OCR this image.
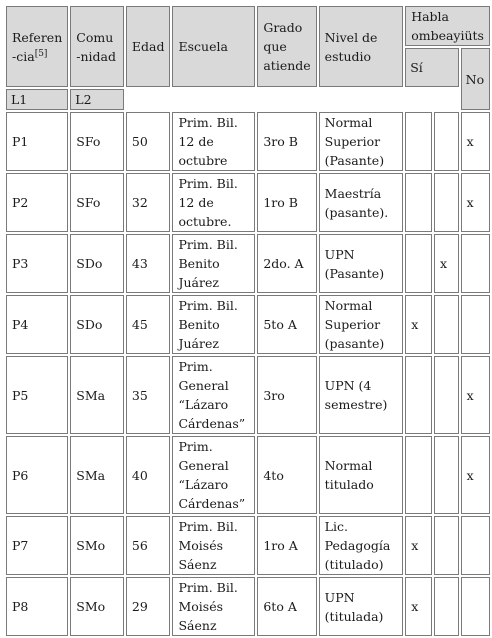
Referen
-cia[5]	Comu
-nidad	Edad	Escuela	Grado
que
atiende	Nivel de
estudio	Habla
ombeayiüts		
						Sí		No
L1	L2							
P1	SFo	50	Prim. Bil.
12 de
octubre	3ro B	Normal
Superior
(Pasante)			x
P2	SFo	32	Prim. Bil.
12 de
octubre.	1ro B	Maestría
(pasante).			x
P3	SDo	43	Prim. Bil.
Benito
Juárez	2do. A	UPN
(Pasante)		x	
P4	SDo	45	Prim. Bil.
Benito
Juárez	5to A	Normal
Superior
(pasante)	x		
P5	SMa	35	Prim.
General
“Lázaro
Cárdenas”	3ro	UPN (4
semestre)			x
P6	SMa	40	Prim.
General
“Lázaro
Cárdenas”	4to	Normal
titulado			x
P7	SMo	56	Prim. Bil.
Moisés
Sáenz	1ro A	Lic.
Pedagogía
(titulado)	x		
P8	SMo	29	Prim. Bil.
Moisés
Sáenz	6to A	UPN (titulada)	x		
